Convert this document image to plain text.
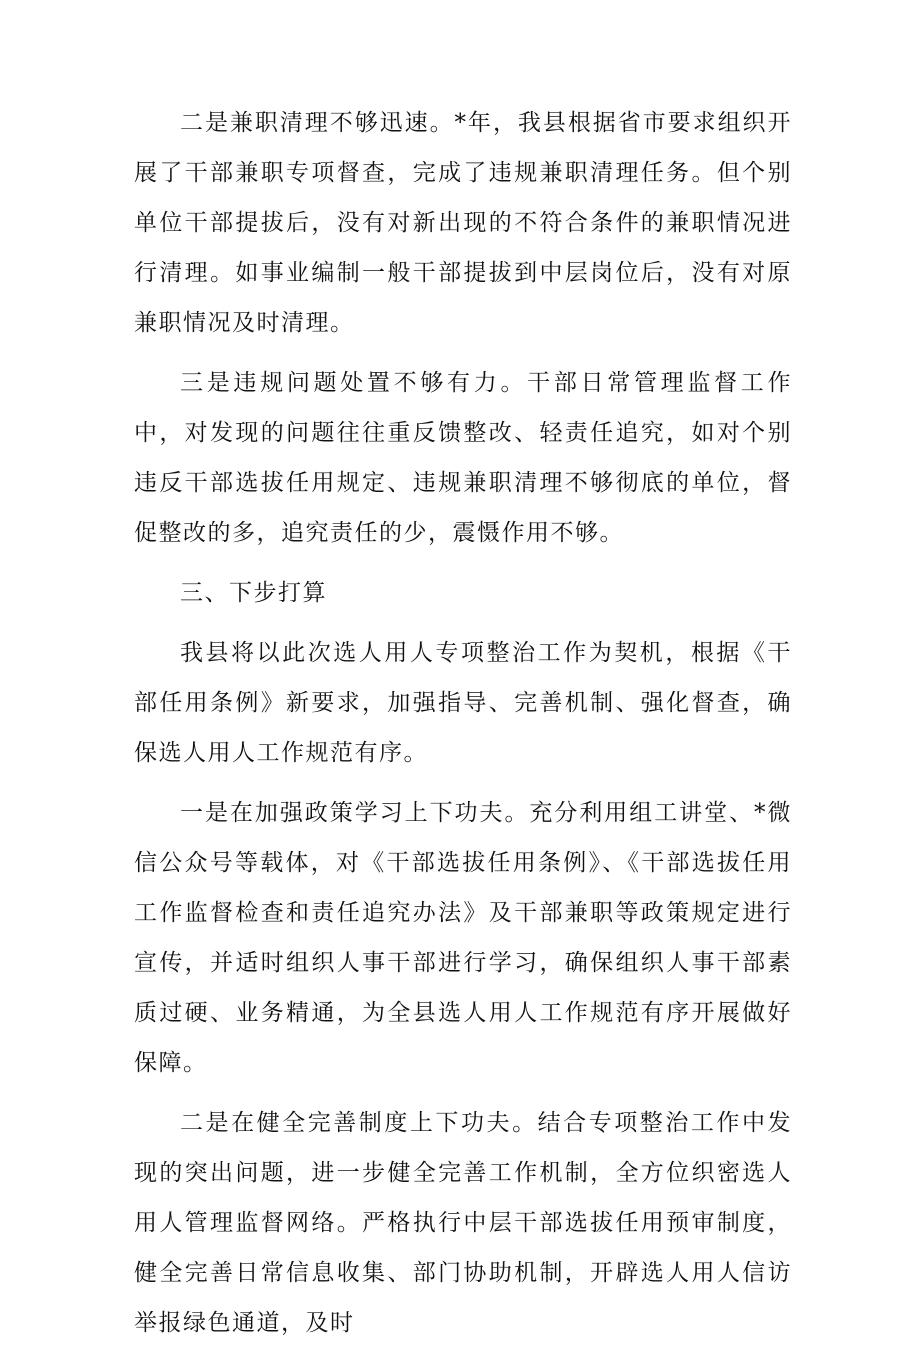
二是兼职清理不够迅速。*年，我县根据省市要求组织开展了干部兼职专项督查，完成了违规兼职清理任务。但个别单位干部提拔后，没有对新出现的不符合条件的兼职情况进行清理。如事业编制一般干部提拔到中层岗位后，没有对原兼职情况及时清理。

三是违规问题处置不够有力。干部日常管理监督工作中，对发现的问题往往重反馈整改、轻责任追究，如对个别违反干部选拔任用规定、违规兼职清理不够彻底的单位，督促整改的多，追究责任的少，震慑作用不够。

三、下步打算

我县将以此次选人用人专项整治工作为契机，根据《干部任用条例》新要求，加强指导、完善机制、强化督查，确保选人用人工作规范有序。

一是在加强政策学习上下功夫。充分利用组工讲堂、*微信公众号等载体，对《干部选拔任用条例》、《干部选拔任用工作监督检查和责任追究办法》及干部兼职等政策规定进行宣传，并适时组织人事干部进行学习，确保组织人事干部素质过硬、业务精通，为全县选人用人工作规范有序开展做好保障。

二是在健全完善制度上下功夫。结合专项整治工作中发现的突出问题，进一步健全完善工作机制，全方位织密选人用人管理监督网络。严格执行中层干部选拔任用预审制度，健全完善日常信息收集、部门协助机制，开辟选人用人信访举报绿色通道，及时
